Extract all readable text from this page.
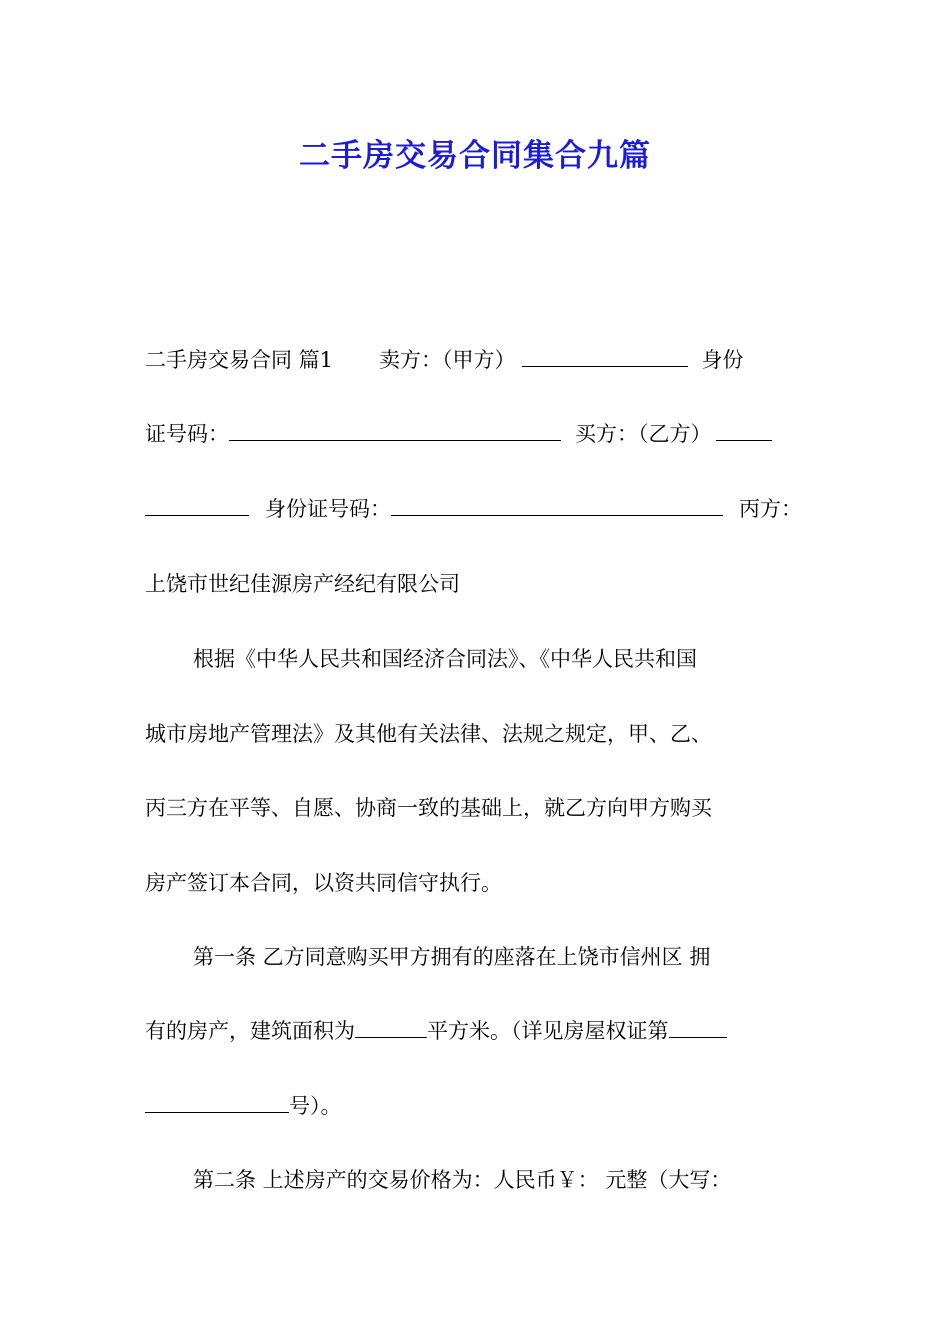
二手房交易合同集合九篇
二手房交易合同 篇1 卖方：（甲方）	身份
证号码：	买方：（乙方）
身份证号码：	丙方：
上饶市世纪佳源房产经纪有限公司
根据《中华人民共和国经济合同法》、《中华人民共和国
城市房地产管理法》及其他有关法律、法规之规定，甲、乙、
丙三方在平等、自愿、协商一致的基础上，就乙方向甲方购买
房产签订本合同，以资共同信守执行。
第一条 乙方同意购买甲方拥有的座落在上饶市信州区 拥
有的房产，建筑面积为	平方米。（详见房屋权证第
号）。
第二条 上述房产的交易价格为：人民币￥： 元整（大写：
